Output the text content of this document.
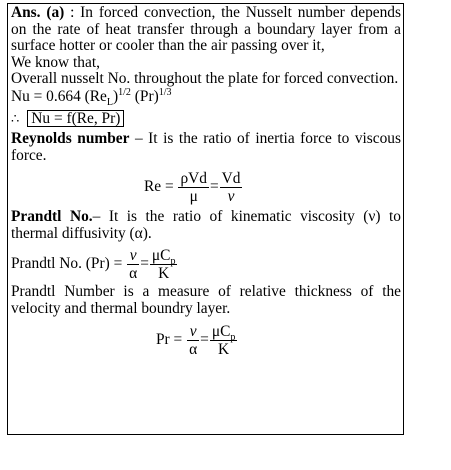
Ans. (a) : In forced convection, the Nusselt number depends on the rate of heat transfer through a boundary layer from a surface hotter or cooler than the air passing over it,

We know that,

Overall nusselt No. throughout the plate for forced convection.

Nu = 0.664 $(Re_L)^{1/2}$ $(Pr)^{1/3}$

∴ Nu = f(Re, Pr)

Reynolds number – It is the ratio of inertia force to viscous force.

$Re = \frac{\text{ρVd}}{\mu} = \frac{Vd}{\nu}$

Prandtl No.– It is the ratio of kinematic viscosity (ν) to thermal diffusivity (α).

Prandtl No. $(Pr) = \frac{\nu}{\alpha} = \frac{\mu C_p}{K}$

Prandtl Number is a measure of relative thickness of the velocity and thermal boundry layer.

$Pr = \frac{\nu}{\alpha} = \frac{\mu C_p}{K}$
